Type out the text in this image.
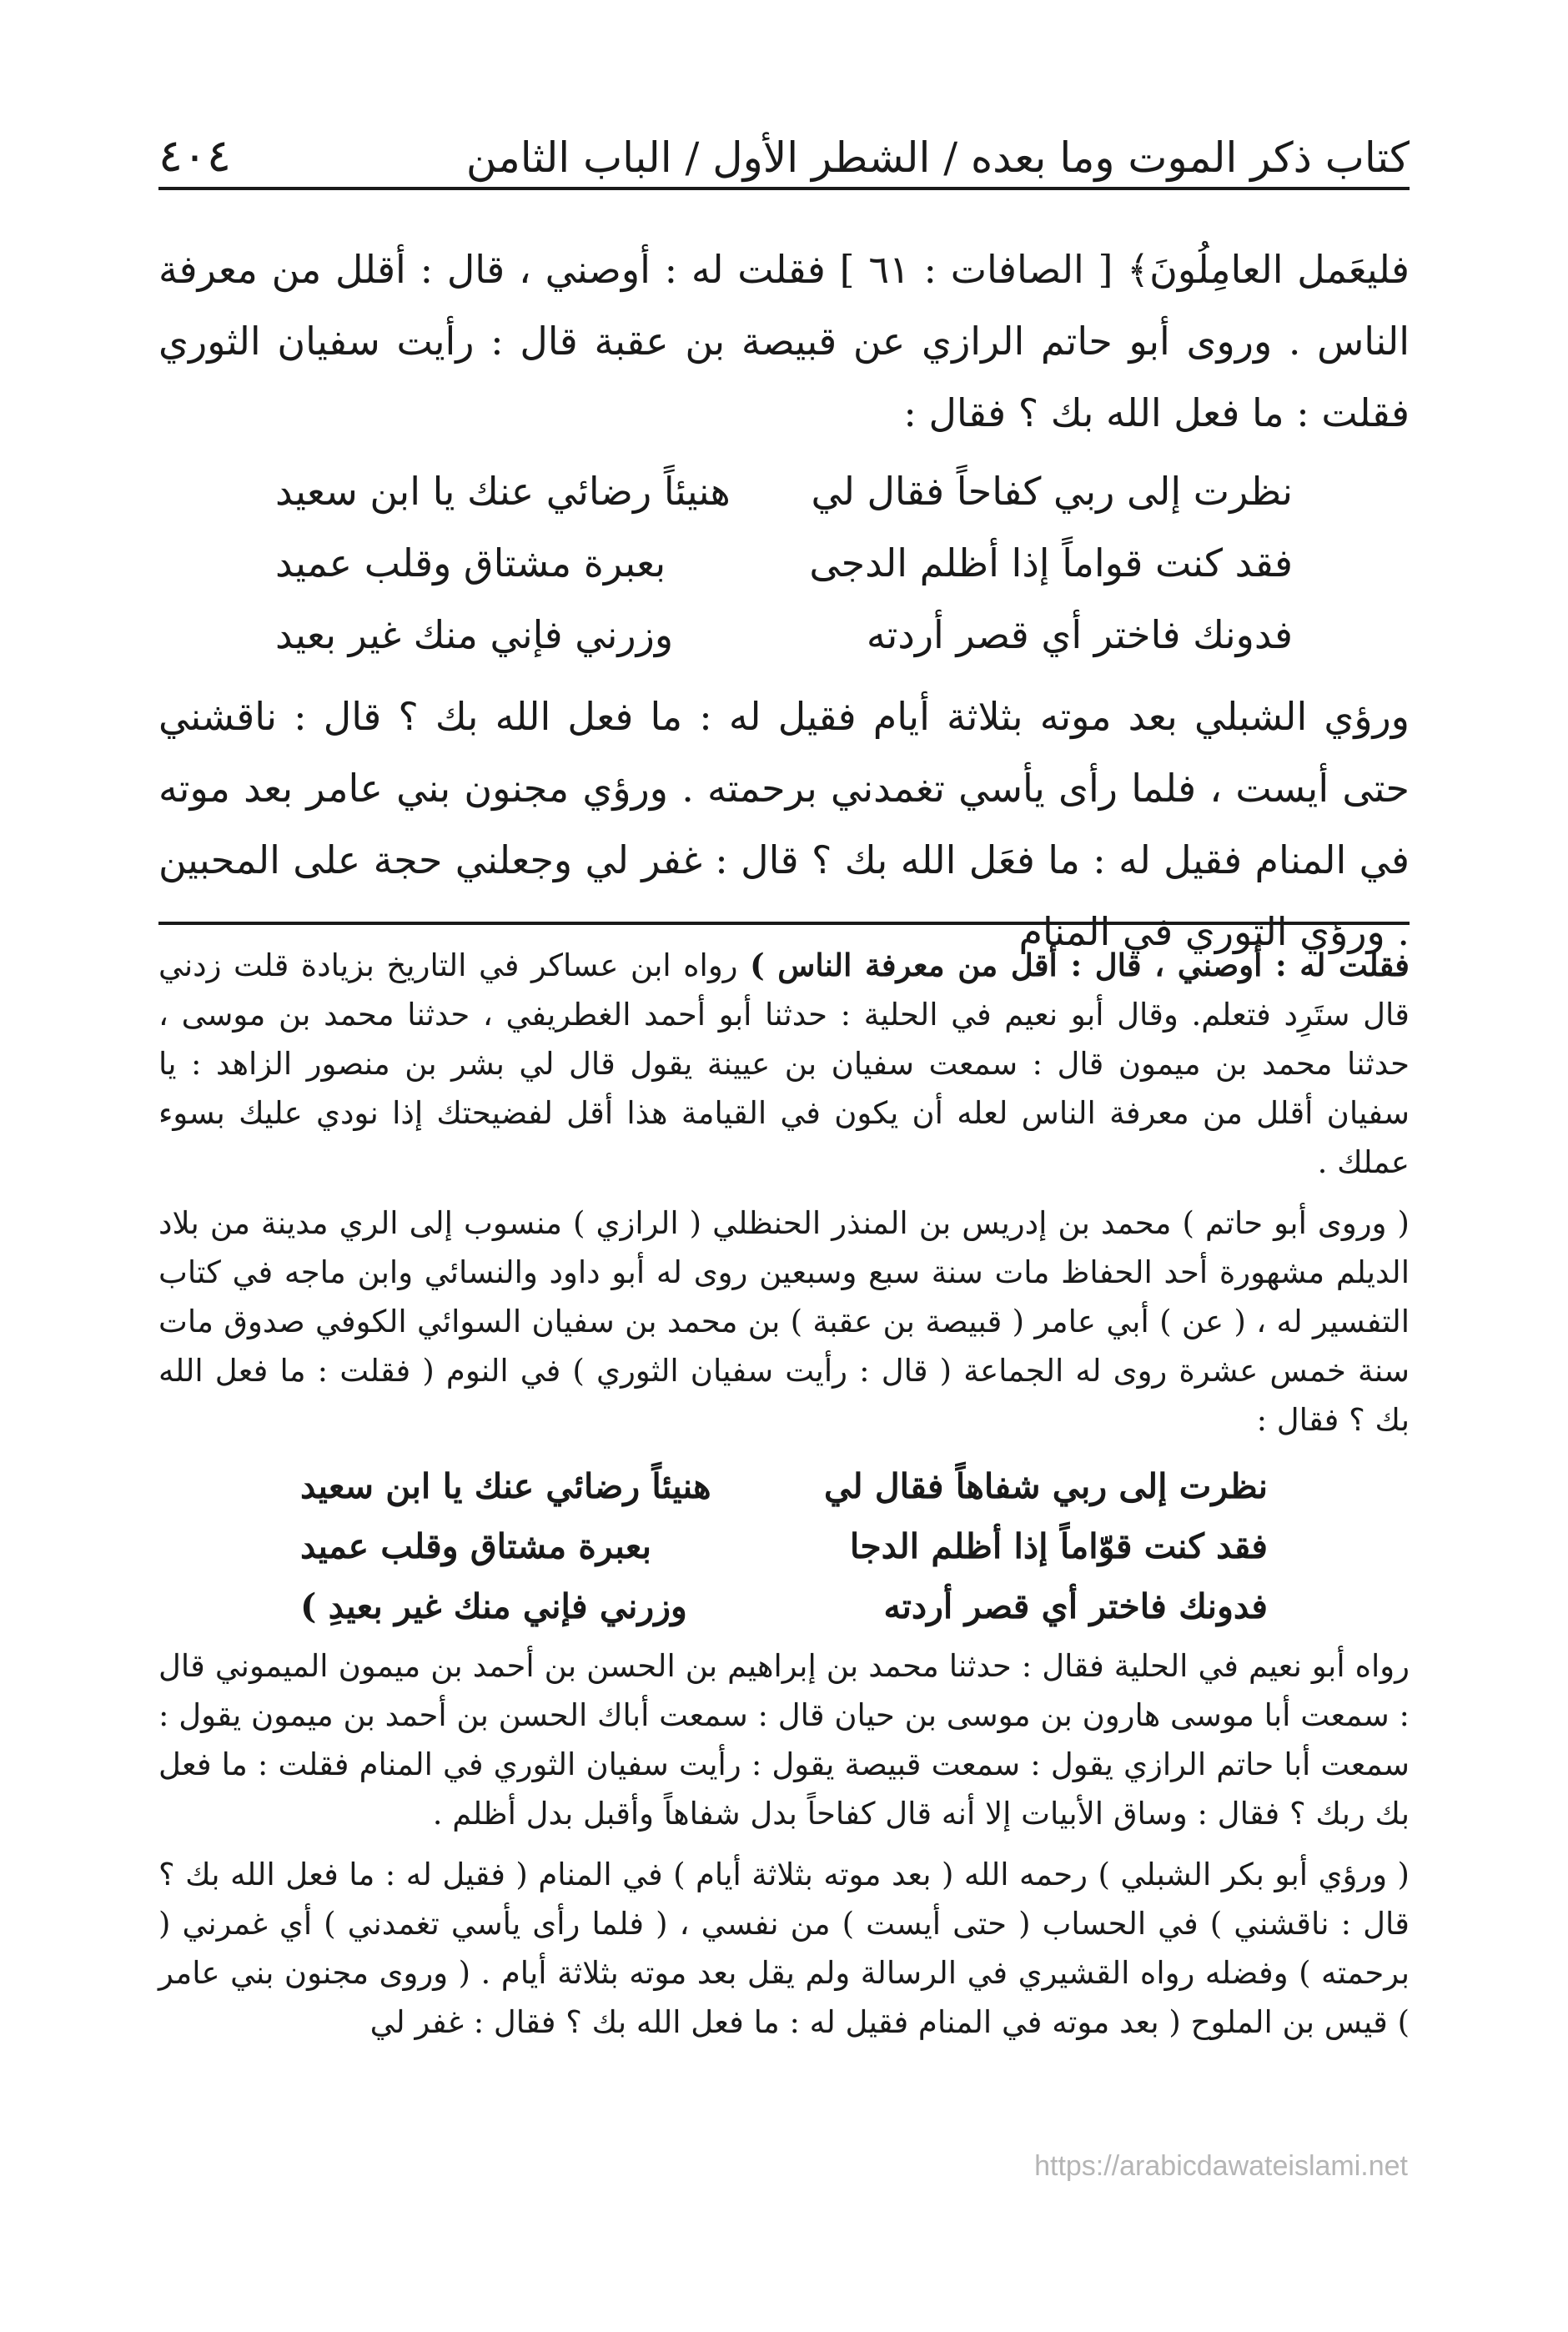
كتاب ذكر الموت وما بعده / الشطر الأول / الباب الثامن
٤٠٤

فليعَمل العامِلُونَ﴾ [ الصافات : ٦١ ] فقلت له : أوصني ، قال : أقلل من معرفة الناس . وروى أبو حاتم الرازي عن قبيصة بن عقبة قال : رأيت سفيان الثوري فقلت : ما فعل الله بك ؟ فقال :

نظرت إلى ربي كفاحاً فقال لي
هنيئاً رضائي عنك يا ابن سعيد
فقد كنت قواماً إذا أظلم الدجى
بعبرة مشتاق وقلب عميد
فدونك فاختر أي قصر أردته
وزرني فإني منك غير بعيد

ورؤي الشبلي بعد موته بثلاثة أيام فقيل له : ما فعل الله بك ؟ قال : ناقشني حتى أيست ، فلما رأى يأسي تغمدني برحمته . ورؤي مجنون بني عامر بعد موته في المنام فقيل له : ما فعَل الله بك ؟ قال : غفر لي وجعلني حجة على المحبين . ورؤي الثوري في المنام

فقلت له : أوصني ، قال : أقل من معرفة الناس ) رواه ابن عساكر في التاريخ بزيادة قلت زدني قال ستَرِد فتعلم. وقال أبو نعيم في الحلية : حدثنا أبو أحمد الغطريفي ، حدثنا محمد بن موسى ، حدثنا محمد بن ميمون قال : سمعت سفيان بن عيينة يقول قال لي بشر بن منصور الزاهد : يا سفيان أقلل من معرفة الناس لعله أن يكون في القيامة هذا أقل لفضيحتك إذا نودي عليك بسوء عملك .

( وروى أبو حاتم ) محمد بن إدريس بن المنذر الحنظلي ( الرازي ) منسوب إلى الري مدينة من بلاد الديلم مشهورة أحد الحفاظ مات سنة سبع وسبعين روى له أبو داود والنسائي وابن ماجه في كتاب التفسير له ، ( عن ) أبي عامر ( قبيصة بن عقبة ) بن محمد بن سفيان السوائي الكوفي صدوق مات سنة خمس عشرة روى له الجماعة ( قال : رأيت سفيان الثوري ) في النوم ( فقلت : ما فعل الله بك ؟ فقال :

نظرت إلى ربي شفاهاً فقال لي
هنيئاً رضائي عنك يا ابن سعيد
فقد كنت قوّاماً إذا أظلم الدجا
بعبرة مشتاق وقلب عميد
فدونك فاختر أي قصر أردته
وزرني فإني منك غير بعيدِ )

رواه أبو نعيم في الحلية فقال : حدثنا محمد بن إبراهيم بن الحسن بن أحمد بن ميمون الميموني قال : سمعت أبا موسى هارون بن موسى بن حيان قال : سمعت أباك الحسن بن أحمد بن ميمون يقول : سمعت أبا حاتم الرازي يقول : سمعت قبيصة يقول : رأيت سفيان الثوري في المنام فقلت : ما فعل بك ربك ؟ فقال : وساق الأبيات إلا أنه قال كفاحاً بدل شفاهاً وأقبل بدل أظلم .

( ورؤي أبو بكر الشبلي ) رحمه الله ( بعد موته بثلاثة أيام ) في المنام ( فقيل له : ما فعل الله بك ؟ قال : ناقشني ) في الحساب ( حتى أيست ) من نفسي ، ( فلما رأى يأسي تغمدني ) أي غمرني ( برحمته ) وفضله رواه القشيري في الرسالة ولم يقل بعد موته بثلاثة أيام . ( وروى مجنون بني عامر ) قيس بن الملوح ( بعد موته في المنام فقيل له : ما فعل الله بك ؟ فقال : غفر لي

https://arabicdawateislami.net
